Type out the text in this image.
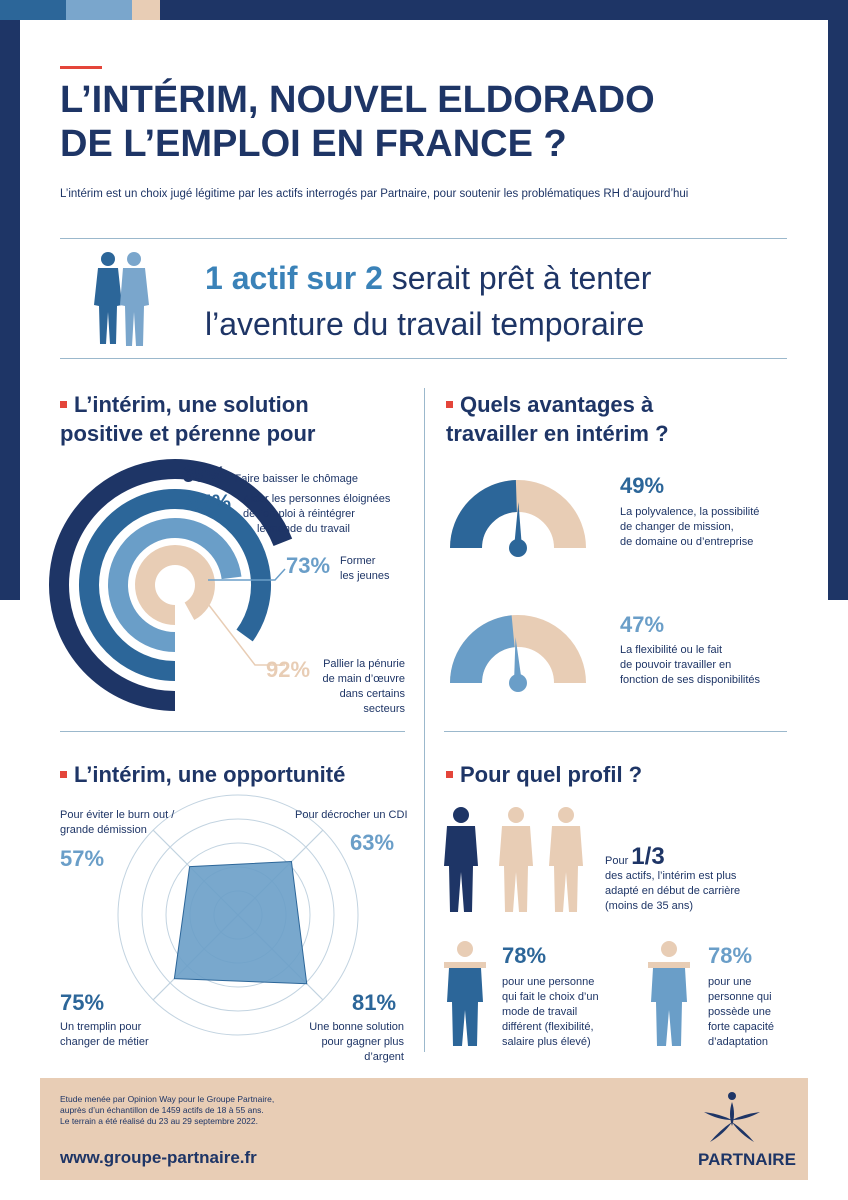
L’INTÉRIM, NOUVEL ELDORADO
DE L’EMPLOI EN FRANCE ?
L’intérim est un choix jugé légitime par les actifs interrogés par Partnaire, pour soutenir les problématiques RH d’aujourd’hui
1 actif sur 2 serait prêt à tenter
l’aventure du travail temporaire
L’intérim, une solution
positive et pérenne pour
69% Faire baisser le chômage
85% Aider les personnes éloignées
de l’emploi à réintégrer
le monde du travail
73% Former
les jeunes
92%	Pallier la pénurie
de main d’œuvre
dans certains secteurs
Quels avantages à
travailler en intérim ?
49%
La polyvalence, la possibilité
de changer de mission,
de domaine ou d’entreprise
47%
La flexibilité ou le fait
de pouvoir travailler en
fonction de ses disponibilités
L’intérim, une opportunité
Pour éviter le burn out /
grande démission
57%
Pour décrocher un CDI
63%
75%
Un tremplin pour
changer de métier
81%
Une bonne solution
pour gagner plus d’argent
Pour quel profil ?
Pour 1/3
des actifs, l’intérim est plus
adapté en début de carrière
(moins de 35 ans)
78%
pour une personne
qui fait le choix d’un
mode de travail
différent (flexibilité,
salaire plus élevé)
78%
pour une
personne qui
possède une
forte capacité
d’adaptation
Etude menée par Opinion Way pour le Groupe Partnaire,
auprès d’un échantillon de 1459 actifs de 18 à 55 ans.
Le terrain a été réalisé du 23 au 29 septembre 2022.
www.groupe-partnaire.fr	PARTNAIRE
